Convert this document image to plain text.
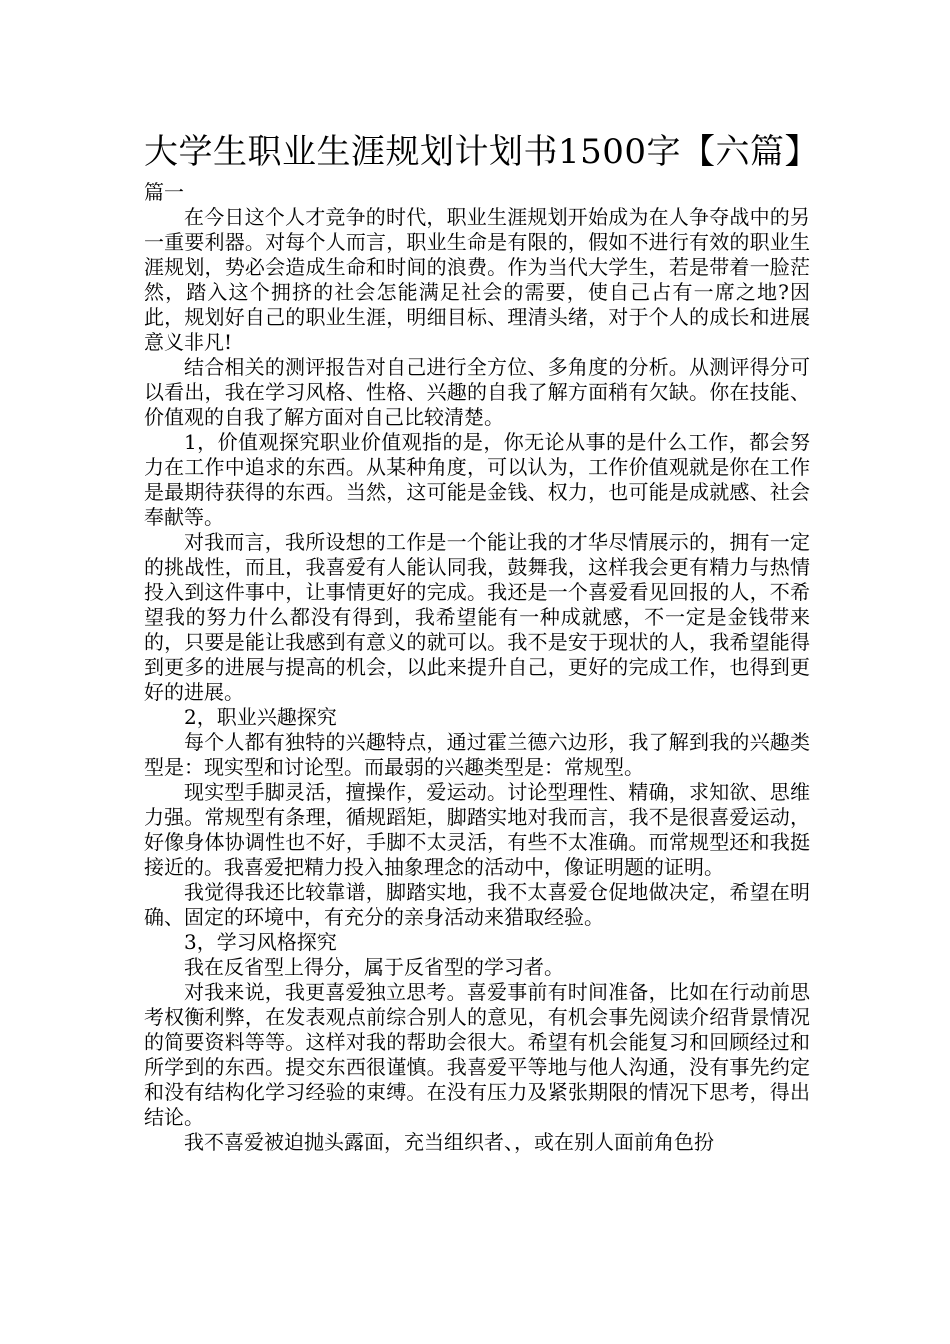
大学生职业生涯规划计划书1500字【六篇】

篇一

在今日这个人才竞争的时代，职业生涯规划开始成为在人争夺战中的另一重要利器。对每个人而言，职业生命是有限的，假如不进行有效的职业生涯规划，势必会造成生命和时间的浪费。作为当代大学生，若是带着一脸茫然，踏入这个拥挤的社会怎能满足社会的需要，使自己占有一席之地?因此，规划好自己的职业生涯，明细目标、理清头绪，对于个人的成长和进展意义非凡!

结合相关的测评报告对自己进行全方位、多角度的分析。从测评得分可以看出，我在学习风格、性格、兴趣的自我了解方面稍有欠缺。你在技能、价值观的自我了解方面对自己比较清楚。

1，价值观探究职业价值观指的是，你无论从事的是什么工作，都会努力在工作中追求的东西。从某种角度，可以认为，工作价值观就是你在工作是最期待获得的东西。当然，这可能是金钱、权力，也可能是成就感、社会奉献等。

对我而言，我所设想的工作是一个能让我的才华尽情展示的，拥有一定的挑战性，而且，我喜爱有人能认同我，鼓舞我，这样我会更有精力与热情投入到这件事中，让事情更好的完成。我还是一个喜爱看见回报的人，不希望我的努力什么都没有得到，我希望能有一种成就感，不一定是金钱带来的，只要是能让我感到有意义的就可以。我不是安于现状的人，我希望能得到更多的进展与提高的机会，以此来提升自己，更好的完成工作，也得到更好的进展。

2，职业兴趣探究

每个人都有独特的兴趣特点，通过霍兰德六边形，我了解到我的兴趣类型是：现实型和讨论型。而最弱的兴趣类型是：常规型。

现实型手脚灵活，擅操作，爱运动。讨论型理性、精确，求知欲、思维力强。常规型有条理，循规蹈矩，脚踏实地对我而言，我不是很喜爱运动，好像身体协调性也不好，手脚不太灵活，有些不太准确。而常规型还和我挺接近的。我喜爱把精力投入抽象理念的活动中，像证明题的证明。

我觉得我还比较靠谱，脚踏实地，我不太喜爱仓促地做决定，希望在明确、固定的环境中，有充分的亲身活动来猎取经验。

3，学习风格探究

我在反省型上得分，属于反省型的学习者。

对我来说，我更喜爱独立思考。喜爱事前有时间准备，比如在行动前思考权衡利弊，在发表观点前综合别人的意见，有机会事先阅读介绍背景情况的简要资料等等。这样对我的帮助会很大。希望有机会能复习和回顾经过和所学到的东西。提交东西很谨慎。我喜爱平等地与他人沟通，没有事先约定和没有结构化学习经验的束缚。在没有压力及紧张期限的情况下思考，得出结论。

我不喜爱被迫抛头露面，充当组织者、，或在别人面前角色扮
